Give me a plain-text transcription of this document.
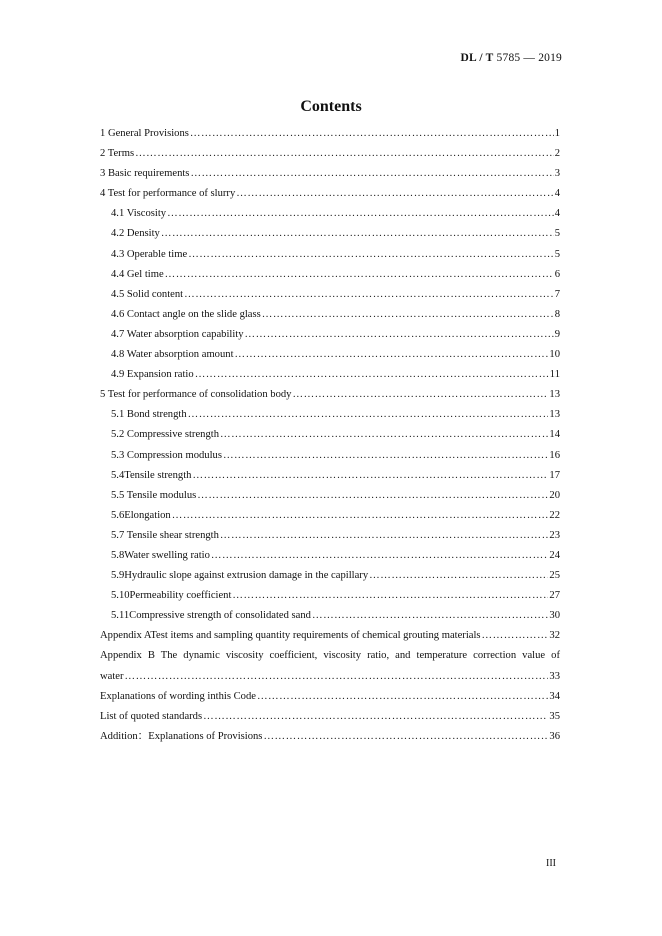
DL / T 5785 — 2019
Contents
1 General Provisions ……………………………………………………………………………………………………………………………………………………………………………………	1
2 Terms ……………………………………………………………………………………………………………………………………………………………………………………	2
3 Basic requirements ……………………………………………………………………………………………………………………………………………………………………………………	3
4 Test for performance of slurry ……………………………………………………………………………………………………………………………………………………………………………………	4
4.1 Viscosity ……………………………………………………………………………………………………………………………………………………………………………………	4
4.2 Density ……………………………………………………………………………………………………………………………………………………………………………………	5
4.3 Operable time ……………………………………………………………………………………………………………………………………………………………………………………	5
4.4 Gel time ……………………………………………………………………………………………………………………………………………………………………………………	6
4.5 Solid content ……………………………………………………………………………………………………………………………………………………………………………………	7
4.6 Contact angle on the slide glass ……………………………………………………………………………………………………………………………………………………………………………………	8
4.7 Water absorption capability ……………………………………………………………………………………………………………………………………………………………………………………	9
4.8 Water absorption amount ……………………………………………………………………………………………………………………………………………………………………………………	10
4.9 Expansion ratio ……………………………………………………………………………………………………………………………………………………………………………………	11
5 Test for performance of consolidation body ……………………………………………………………………………………………………………………………………………………………………………………	13
5.1 Bond strength ……………………………………………………………………………………………………………………………………………………………………………………	13
5.2 Compressive strength ……………………………………………………………………………………………………………………………………………………………………………………	14
5.3 Compression modulus ……………………………………………………………………………………………………………………………………………………………………………………	16
5.4Tensile strength ……………………………………………………………………………………………………………………………………………………………………………………	17
5.5 Tensile modulus ……………………………………………………………………………………………………………………………………………………………………………………	20
5.6Elongation ……………………………………………………………………………………………………………………………………………………………………………………	22
5.7 Tensile shear strength ……………………………………………………………………………………………………………………………………………………………………………………	23
5.8Water swelling ratio ……………………………………………………………………………………………………………………………………………………………………………………	24
5.9Hydraulic slope against extrusion damage in the capillary ……………………………………………………………………………………………………………………………………………………………………………………	25
5.10Permeability coefficient ……………………………………………………………………………………………………………………………………………………………………………………	27
5.11Compressive strength of consolidated sand ……………………………………………………………………………………………………………………………………………………………………………………	30
Appendix ATest items and sampling quantity requirements of chemical grouting materials ……………………………………………………………………………………………………………………………………………………………………………………	32
Appendix B The dynamic viscosity coefficient, viscosity ratio, and temperature correction value of
water ……………………………………………………………………………………………………………………………………………………………………………………	33
Explanations of wording inthis Code ……………………………………………………………………………………………………………………………………………………………………………………	34
List of quoted standards ……………………………………………………………………………………………………………………………………………………………………………………	35
Addition：Explanations of Provisions ……………………………………………………………………………………………………………………………………………………………………………………	36
III
